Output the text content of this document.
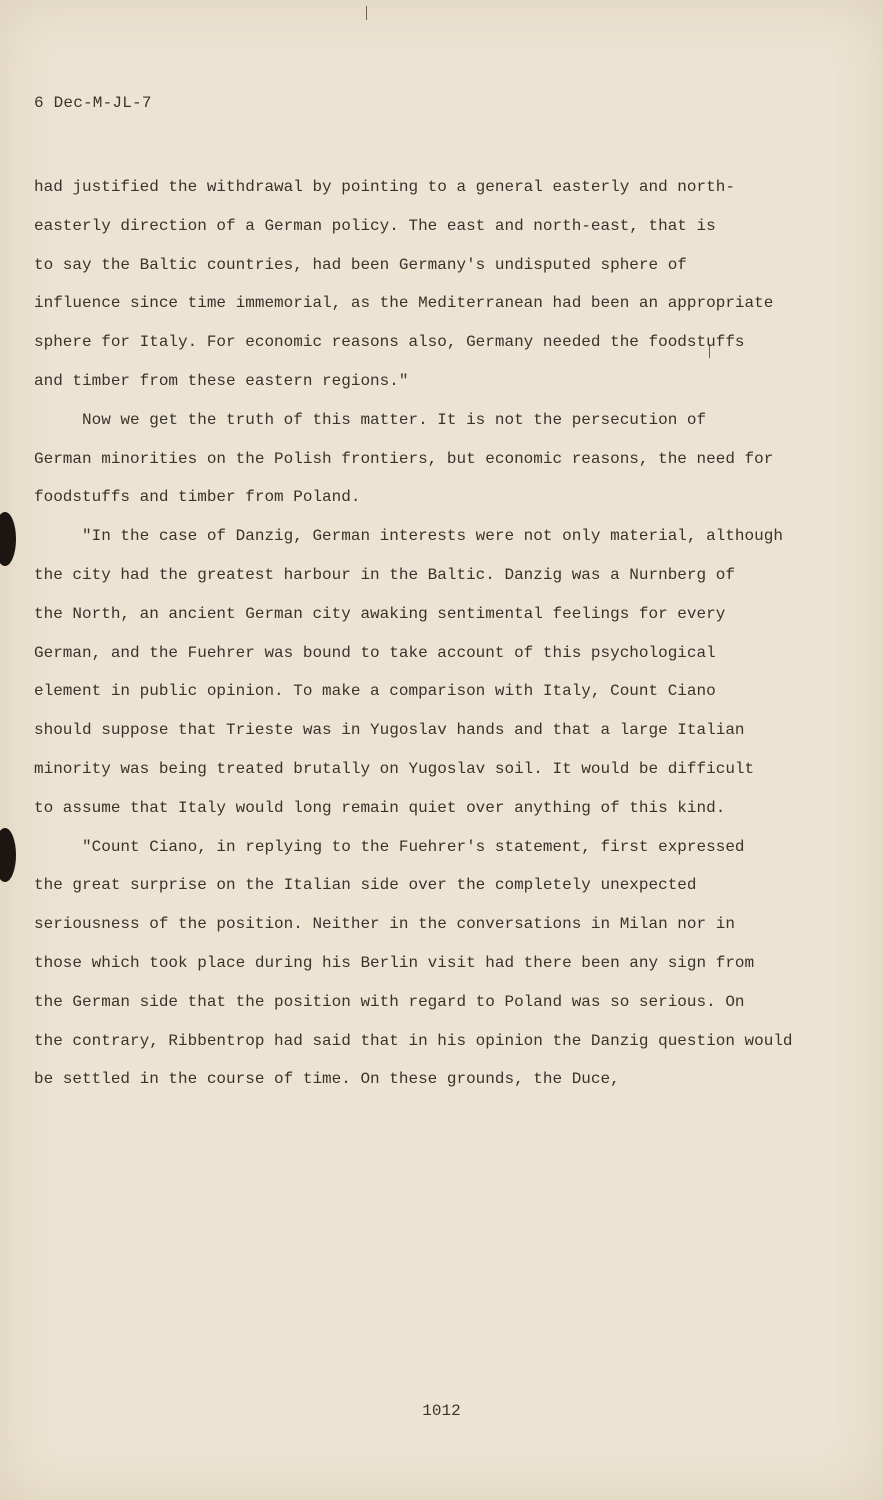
6 Dec-M-JL-7
had justified the withdrawal by pointing to a general easterly and north-
easterly direction of a German policy. The east and north-east, that is
to say the Baltic countries, had been Germany's undisputed sphere of
influence since time immemorial, as the Mediterranean had been an appropriate
sphere for Italy. For economic reasons also, Germany needed the foodstuffs
and timber from these eastern regions."
Now we get the truth of this matter. It is not the persecution of
German minorities on the Polish frontiers, but economic reasons, the need for
foodstuffs and timber from Poland.
"In the case of Danzig, German interests were not only material, although
the city had the greatest harbour in the Baltic. Danzig was a Nurnberg of
the North, an ancient German city awaking sentimental feelings for every
German, and the Fuehrer was bound to take account of this psychological
element in public opinion. To make a comparison with Italy, Count Ciano
should suppose that Trieste was in Yugoslav hands and that a large Italian
minority was being treated brutally on Yugoslav soil. It would be difficult
to assume that Italy would long remain quiet over anything of this kind.
"Count Ciano, in replying to the Fuehrer's statement, first expressed
the great surprise on the Italian side over the completely unexpected
seriousness of the position. Neither in the conversations in Milan nor in
those which took place during his Berlin visit had there been any sign from
the German side that the position with regard to Poland was so serious. On
the contrary, Ribbentrop had said that in his opinion the Danzig question would
be settled in the course of time. On these grounds, the Duce,
1012
